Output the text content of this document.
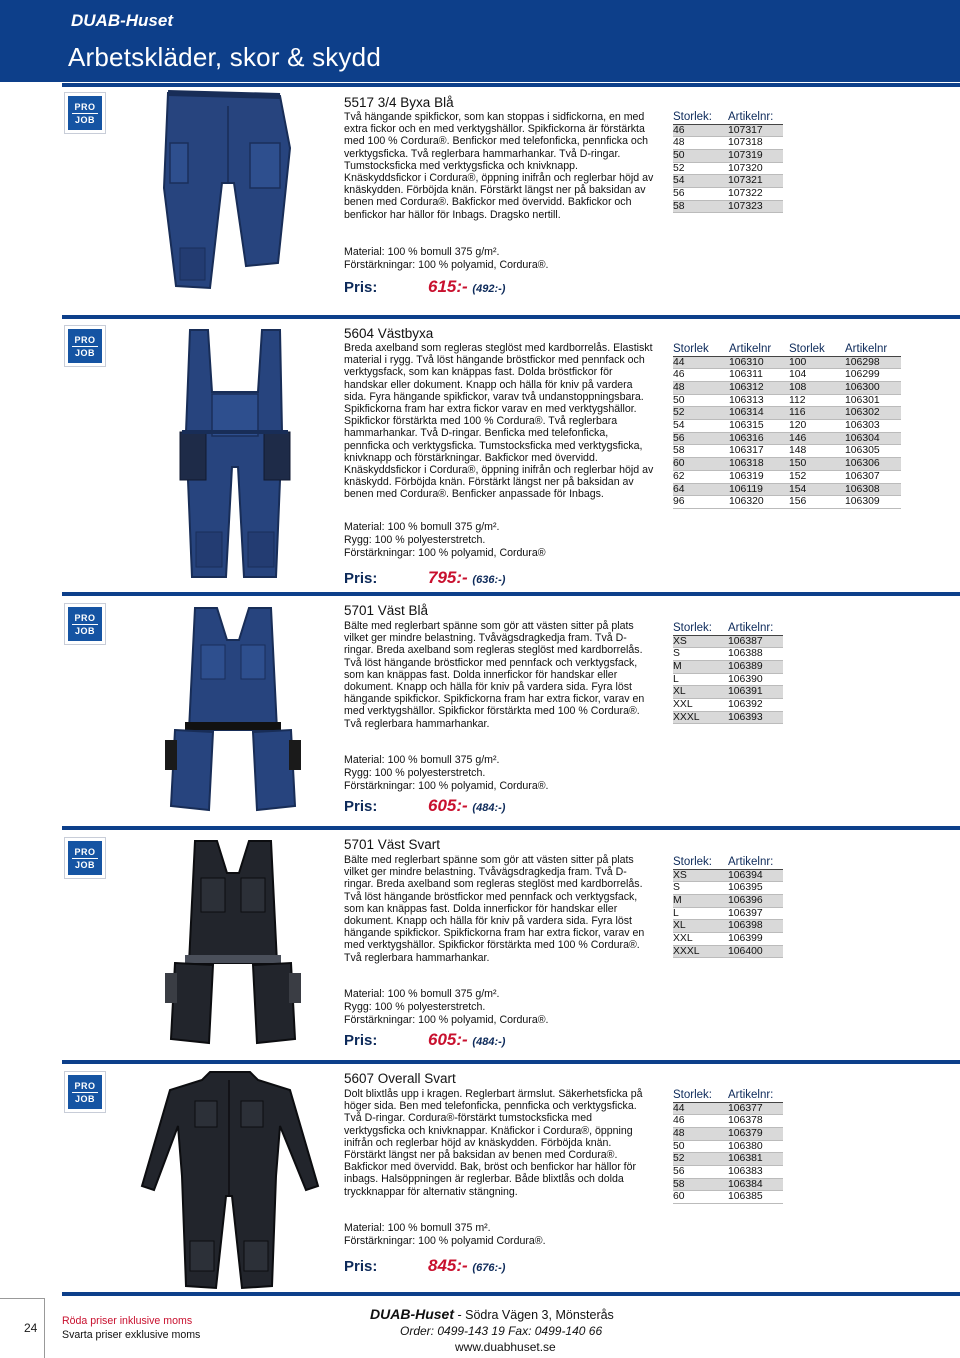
DUAB-Huset
Arbetskläder, skor & skydd
PRO
JOB
5517 3/4 Byxa Blå
Två hängande spikfickor, som kan stoppas i sidfickorna, en med extra fickor och en med verktygshällor. Spikfickorna är förstärkta med 100 % Cordura®. Benfickor med telefonficka, pennficka och verktygsficka. Två reglerbara hammarhankar. Två D-ringar. Tumstocksficka med verktygsficka och knivknapp. Knäskyddsfickor i Cordura®, öppning inifrån och reglerbar höjd av knäskydden. Förböjda knän. Förstärkt längst ner på baksidan av benen med Cordura®. Bakfickor med övervidd. Bakfickor och benfickor har hällor för Inbags. Dragsko nertill.
Material: 100 % bomull 375 g/m².
Förstärkningar: 100 % polyamid, Cordura®.
Pris:	615:- (492:-)
Storlek:	Artikelnr:
46	107317
48	107318
50	107319
52	107320
54	107321
56	107322
58	107323
PRO
JOB
5604 Västbyxa
Breda axelband som regleras steglöst med kardborrelås. Elastiskt material i rygg. Två löst hängande bröstfickor med pennfack och verktygsfack, som kan knäppas fast. Dolda bröstfickor för handskar eller dokument. Knapp och hälla för kniv på vardera sida. Fyra hängande spikfickor, varav två undanstoppningsbara. Spikfickorna fram har extra fickor varav en med verktygshällor. Spikfickor förstärkta med 100 % Cordura®. Två reglerbara hammarhankar. Två D-ringar. Benficka med telefonficka, pennficka och verktygsficka. Tumstocksficka med verktygsficka, knivknapp och förstärkningar. Bakfickor med övervidd. Knäskyddsfickor i Cordura®, öppning inifrån och reglerbar höjd av knäskydd. Förböjda knän. Förstärkt längst ner på baksidan av benen med Cordura®. Benficker anpassade för Inbags.
Material: 100 % bomull 375 g/m².
Rygg: 100 % polyesterstretch.
Förstärkningar: 100 % polyamid, Cordura®
Pris:	795:- (636:-)
Storlek	Artikelnr	Storlek	Artikelnr
44	106310	100	106298
46	106311	104	106299
48	106312	108	106300
50	106313	112	106301
52	106314	116	106302
54	106315	120	106303
56	106316	146	106304
58	106317	148	106305
60	106318	150	106306
62	106319	152	106307
64	106119	154	106308
96	106320	156	106309
PRO
JOB
5701 Väst Blå
Bälte med reglerbart spänne som gör att västen sitter på plats vilket ger mindre belastning. Tvåvägsdragkedja fram. Två D-ringar. Breda axelband som regleras steglöst med kardborrelås. Två löst hängande bröstfickor med pennfack och verktygsfack, som kan knäppas fast. Dolda innerfickor för handskar eller dokument. Knapp och hälla för kniv på vardera sida. Fyra löst hängande spikfickor. Spikfickorna fram har extra fickor, varav en med verktygshällor. Spikfickor förstärkta med 100 % Cordura®. Två reglerbara hammarhankar.
Material: 100 % bomull 375 g/m².
Rygg: 100 % polyesterstretch.
Förstärkningar: 100 % polyamid, Cordura®.
Pris:	605:- (484:-)
Storlek:	Artikelnr:
XS	106387
S	106388
M	106389
L	106390
XL	106391
XXL	106392
XXXL	106393
PRO
JOB
5701 Väst Svart
Bälte med reglerbart spänne som gör att västen sitter på plats vilket ger mindre belastning. Tvåvägsdragkedja fram. Två D-ringar. Breda axelband som regleras steglöst med kardborrelås. Två löst hängande bröstfickor med pennfack och verktygsfack, som kan knäppas fast. Dolda innerfickor för handskar eller dokument. Knapp och hälla för kniv på vardera sida. Fyra löst hängande spikfickor. Spikfickorna fram har extra fickor, varav en med verktygshällor. Spikfickor förstärkta med 100 % Cordura®. Två reglerbara hammarhankar.
Material: 100 % bomull 375 g/m².
Rygg: 100 % polyesterstretch.
Förstärkningar: 100 % polyamid, Cordura®.
Pris:	605:- (484:-)
Storlek:	Artikelnr:
XS	106394
S	106395
M	106396
L	106397
XL	106398
XXL	106399
XXXL	106400
PRO
JOB
5607 Overall Svart
Dolt blixtlås upp i kragen. Reglerbart ärmslut. Säkerhetsficka på höger sida. Ben med telefonficka, pennficka och verktygsficka. Två D-ringar. Cordura®-förstärkt tumstocksficka med verktygsficka och knivknappar. Knäfickor i Cordura®, öppning inifrån och reglerbar höjd av knäskydden. Förböjda knän. Förstärkt längst ner på baksidan av benen med Cordura®. Bakfickor med övervidd. Bak, bröst och benfickor har hällor för inbags. Halsöppningen är reglerbar. Både blixtlås och dolda tryckknappar för alternativ stängning.
Material: 100 % bomull 375 m².
Förstärkningar: 100 % polyamid Cordura®.
Pris:	845:- (676:-)
Storlek:	Artikelnr:
44	106377
46	106378
48	106379
50	106380
52	106381
56	106383
58	106384
60	106385
24 Röda priser inklusive moms
Svarta priser exklusive moms
DUAB-Huset - Södra Vägen 3, Mönsterås
Order: 0499-143 19 Fax: 0499-140 66
www.duabhuset.se
